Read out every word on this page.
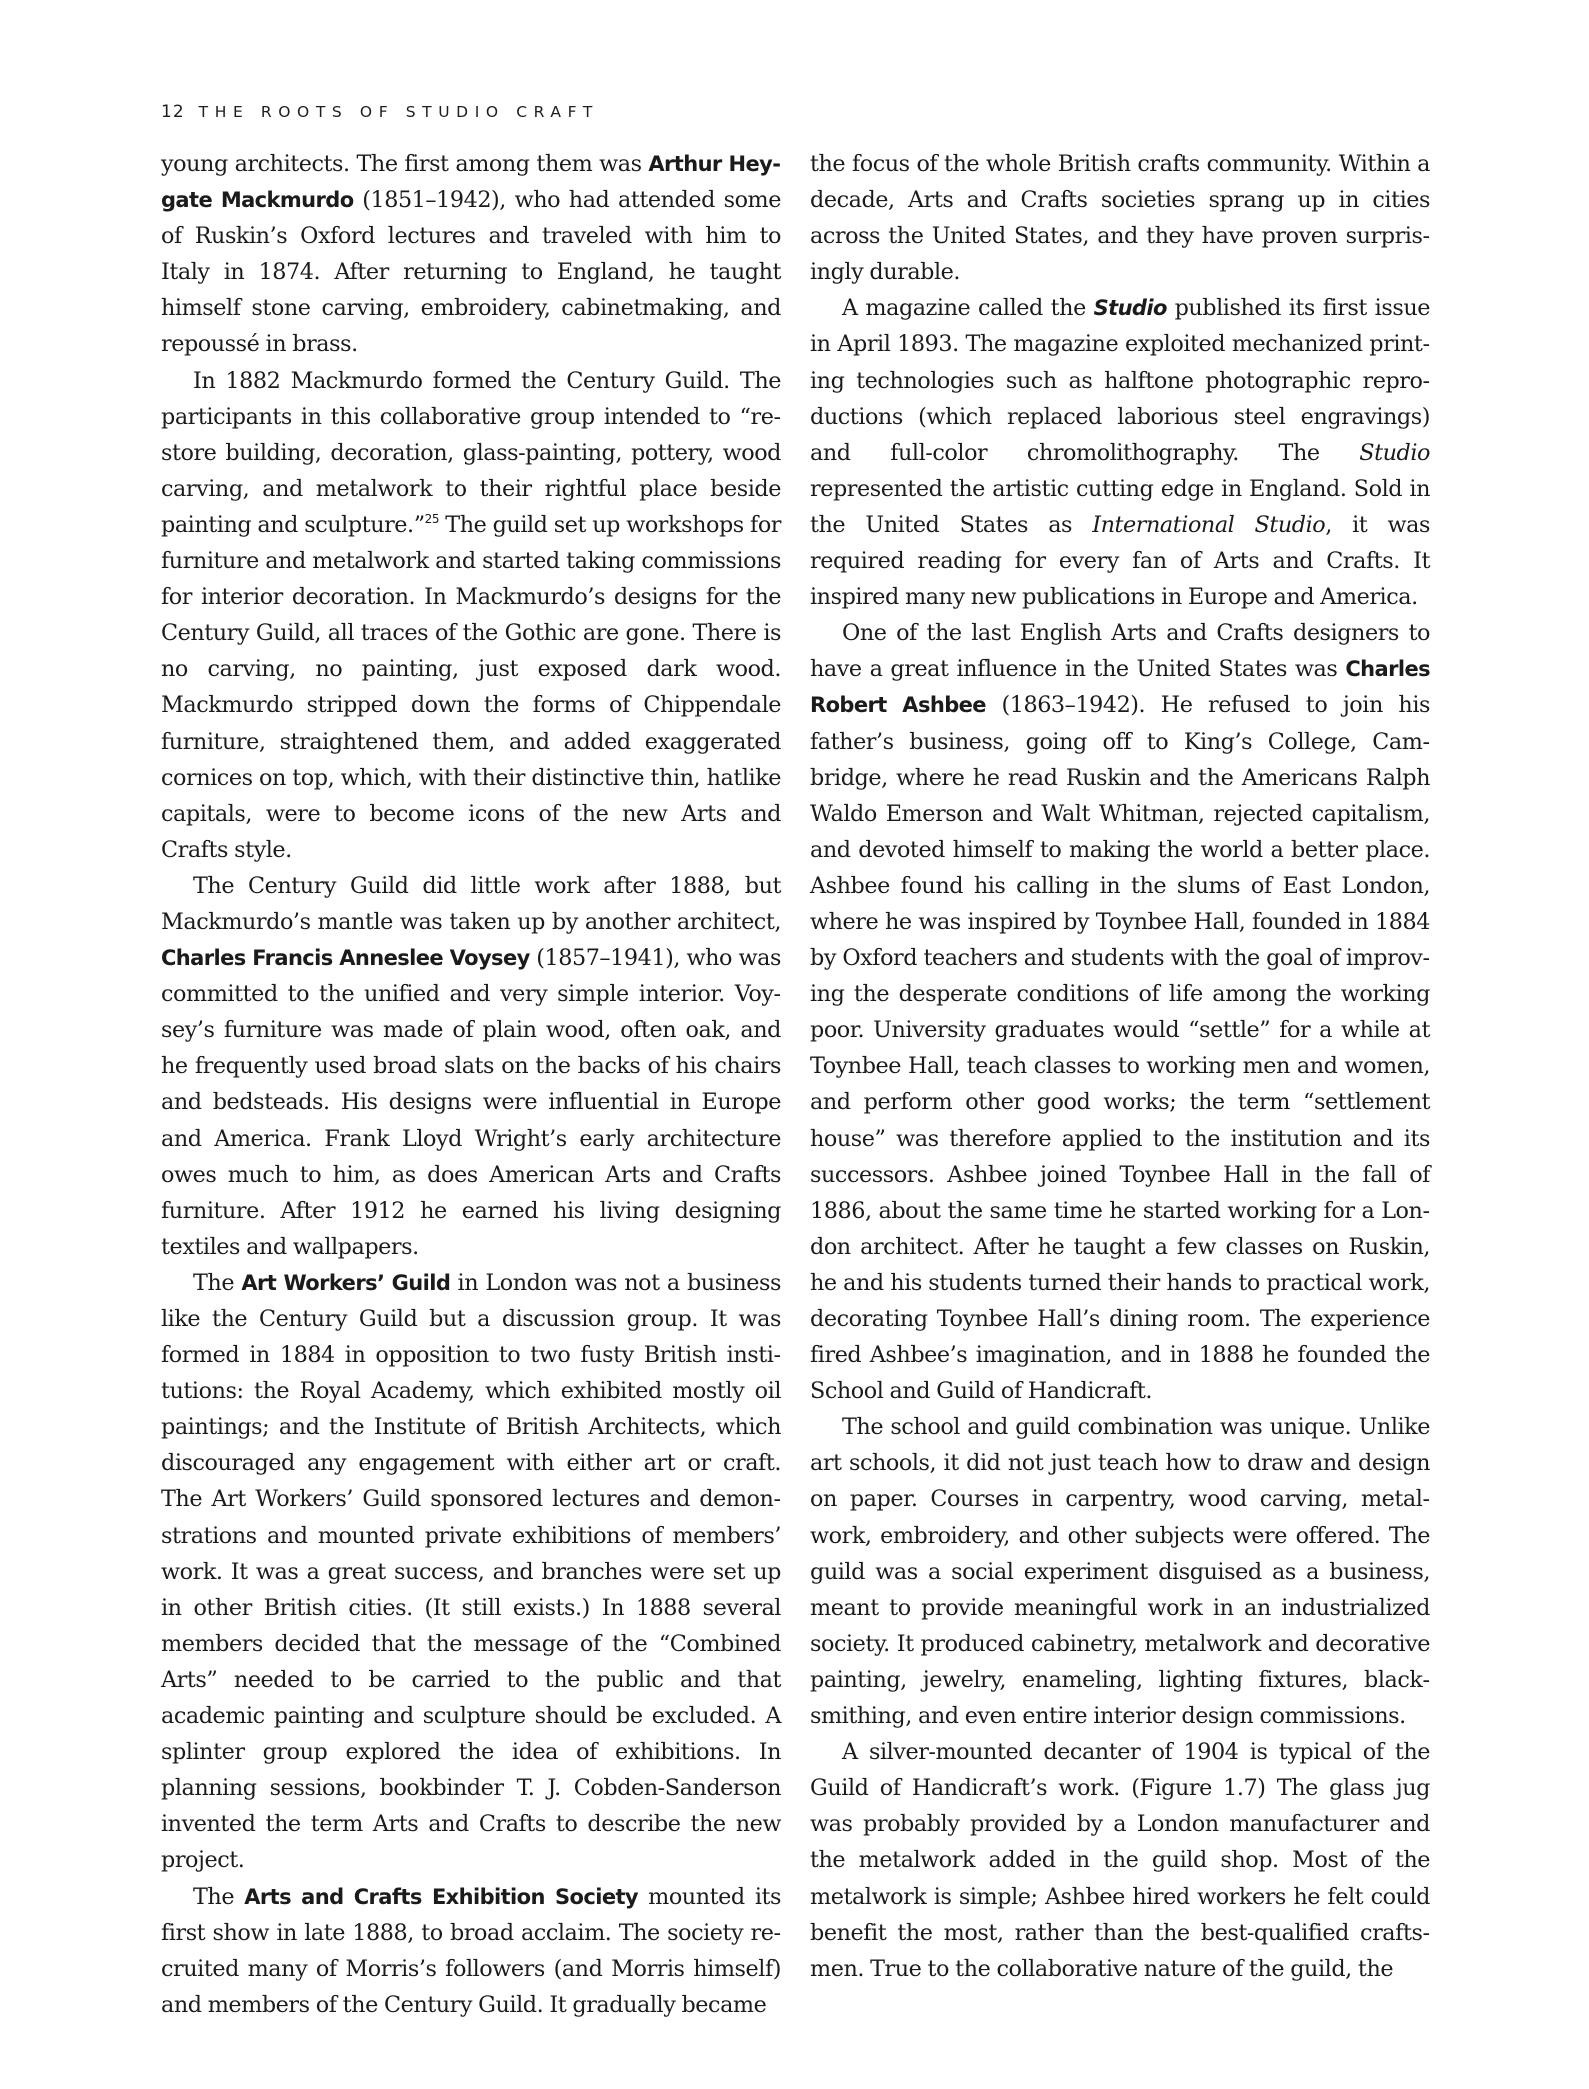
12 THE ROOTS OF STUDIO CRAFT

young architects. The first among them was Arthur Heygate Mackmurdo (1851–1942), who had attended some of Ruskin’s Oxford lectures and traveled with him to Italy in 1874. After returning to England, he taught himself stone carving, embroidery, cabinetmaking, and repoussé in brass.

In 1882 Mackmurdo formed the Century Guild. The participants in this collaborative group intended to “restore building, decoration, glass-painting, pottery, wood carving, and metalwork to their rightful place beside painting and sculpture.”$^{25}$ The guild set up workshops for furniture and metalwork and started taking commissions for interior decoration. In Mackmurdo’s designs for the Century Guild, all traces of the Gothic are gone. There is no carving, no painting, just exposed dark wood. Mackmurdo stripped down the forms of Chippendale furniture, straightened them, and added exaggerated cornices on top, which, with their distinctive thin, hatlike capitals, were to become icons of the new Arts and Crafts style.

The Century Guild did little work after 1888, but Mackmurdo’s mantle was taken up by another architect, Charles Francis Anneslee Voysey (1857–1941), who was committed to the unified and very simple interior. Voysey’s furniture was made of plain wood, often oak, and he frequently used broad slats on the backs of his chairs and bedsteads. His designs were influential in Europe and America. Frank Lloyd Wright’s early architecture owes much to him, as does American Arts and Crafts furniture. After 1912 he earned his living designing textiles and wallpapers.

The Art Workers’ Guild in London was not a business like the Century Guild but a discussion group. It was formed in 1884 in opposition to two fusty British institutions: the Royal Academy, which exhibited mostly oil paintings; and the Institute of British Architects, which discouraged any engagement with either art or craft. The Art Workers’ Guild sponsored lectures and demonstrations and mounted private exhibitions of members’ work. It was a great success, and branches were set up in other British cities. (It still exists.) In 1888 several members decided that the message of the “Combined Arts” needed to be carried to the public and that academic painting and sculpture should be excluded. A splinter group explored the idea of exhibitions. In planning sessions, bookbinder T. J. Cobden-Sanderson invented the term Arts and Crafts to describe the new project.

The Arts and Crafts Exhibition Society mounted its first show in late 1888, to broad acclaim. The society recruited many of Morris’s followers (and Morris himself) and members of the Century Guild. It gradually became

the focus of the whole British crafts community. Within a decade, Arts and Crafts societies sprang up in cities across the United States, and they have proven surprisingly durable.

A magazine called the Studio published its first issue in April 1893. The magazine exploited mechanized printing technologies such as halftone photographic reproductions (which replaced laborious steel engravings) and full-color chromolithography. The Studio represented the artistic cutting edge in England. Sold in the United States as International Studio, it was required reading for every fan of Arts and Crafts. It inspired many new publications in Europe and America.

One of the last English Arts and Crafts designers to have a great influence in the United States was Charles Robert Ashbee (1863–1942). He refused to join his father’s business, going off to King’s College, Cambridge, where he read Ruskin and the Americans Ralph Waldo Emerson and Walt Whitman, rejected capitalism, and devoted himself to making the world a better place. Ashbee found his calling in the slums of East London, where he was inspired by Toynbee Hall, founded in 1884 by Oxford teachers and students with the goal of improving the desperate conditions of life among the working poor. University graduates would “settle” for a while at Toynbee Hall, teach classes to working men and women, and perform other good works; the term “settlement house” was therefore applied to the institution and its successors. Ashbee joined Toynbee Hall in the fall of 1886, about the same time he started working for a London architect. After he taught a few classes on Ruskin, he and his students turned their hands to practical work, decorating Toynbee Hall’s dining room. The experience fired Ashbee’s imagination, and in 1888 he founded the School and Guild of Handicraft.

The school and guild combination was unique. Unlike art schools, it did not just teach how to draw and design on paper. Courses in carpentry, wood carving, metalwork, embroidery, and other subjects were offered. The guild was a social experiment disguised as a business, meant to provide meaningful work in an industrialized society. It produced cabinetry, metalwork and decorative painting, jewelry, enameling, lighting fixtures, blacksmithing, and even entire interior design commissions.

A silver-mounted decanter of 1904 is typical of the Guild of Handicraft’s work. (Figure 1.7) The glass jug was probably provided by a London manufacturer and the metalwork added in the guild shop. Most of the metalwork is simple; Ashbee hired workers he felt could benefit the most, rather than the best-qualified craftsmen. True to the collaborative nature of the guild, the
